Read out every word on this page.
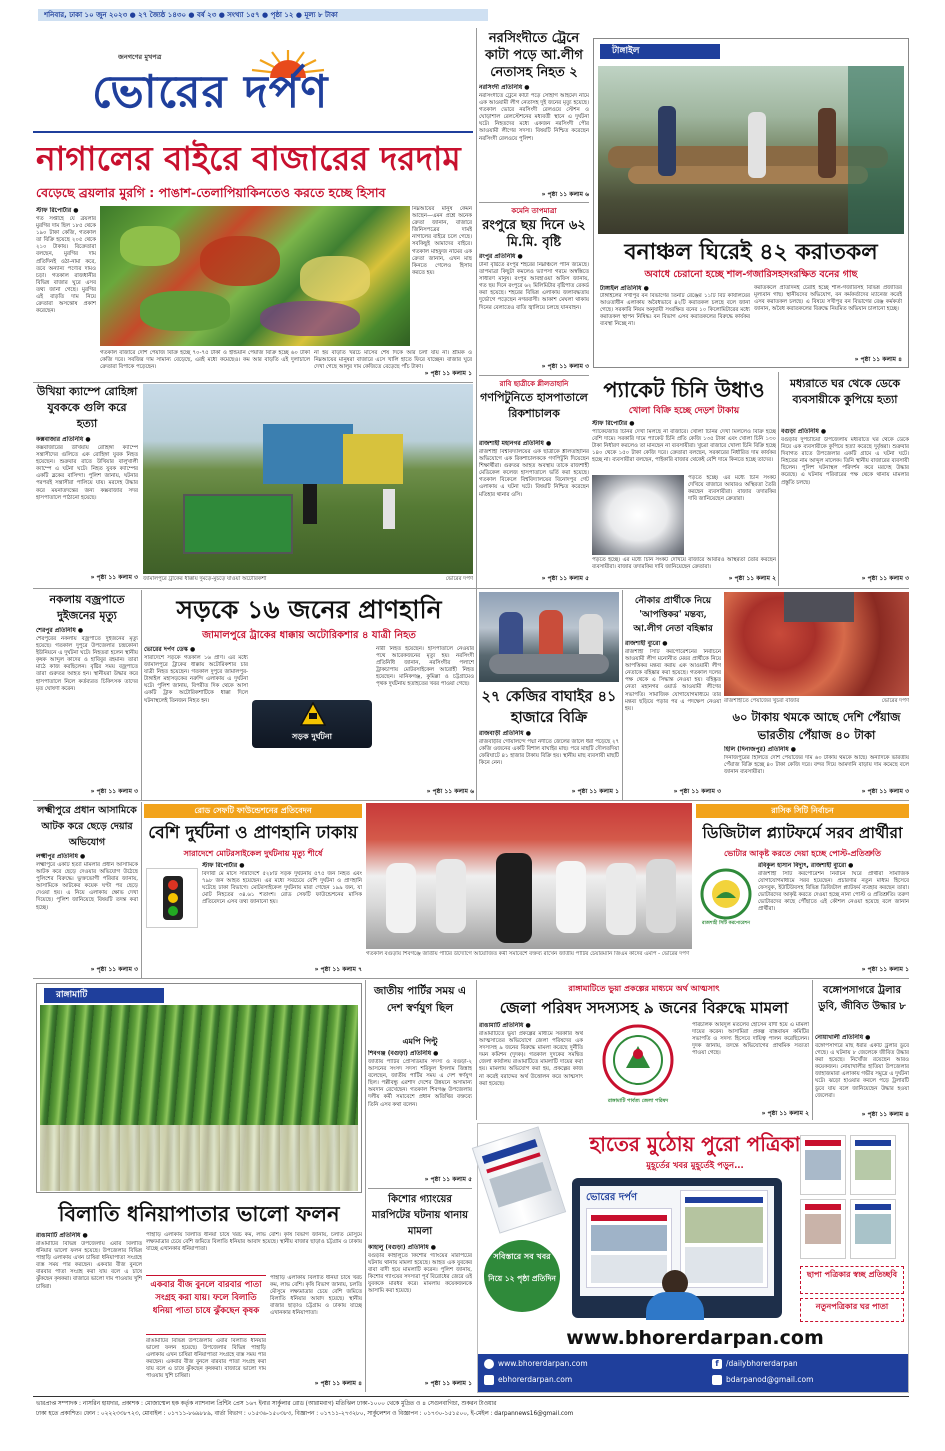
শনিবার, ঢাকা ১০ জুন ২০২৩ ● ২৭ জ্যৈষ্ঠ ১৪৩০ ● বর্ষ ২৩ ● সংখ্যা ১৫৭ ● পৃষ্ঠা ১২ ● মূল্য ৮ টাকা
জনগণের মুখপত্র
ভোরের দর্পণ
নাগালের বাইরে বাজারের দরদাম
বেড়েছে ব্রয়লার মুরগি : পাঙাশ-তেলাপিয়াকিনতেও করতে হচ্ছে হিসাব
স্টাফ রিপোর্টার ●
গত সপ্তাহে যে ব্রয়লার মুরগির দাম ছিল ১৮৫ থেকে ১৯০ টাকা কেজি, গতকাল তা বিক্রি হয়েছে ২০৫ থেকে ২১০ টাকায়। বিক্রেতারা বলছেন, মুরগির দাম প্রতিদিনই ওঠা-নামা করে, তবে অন্যান্য পণ্যের দামও চড়া। গতকাল রাজধানীর বিভিন্ন বাজার ঘুরে এসব তথ্য জানা গেছে। মুরগির এই বাড়তি দাম নিয়ে ক্রেতারা অসন্তোষ প্রকাশ করেছেন।
নিম্নআয়ের মানুষ কেমন আছেন—এমন প্রশ্নে অনেক ক্রেতা জানান, বাজারে জিনিসপত্রের দামই নাগালের বাইরে চলে গেছে। সবকিছুই আমাদের বাইরে। গতকাল মাহফুজ নামের এক ক্রেতা জানান, এখন মাছ কিনতে গেলেও হিসাব করতে হয়।
গতকাল বাজারে দেশি পেঁয়াজ বিক্রি হচ্ছে ৭০-৭৫ টাকা ও ইন্ডিয়ান পেঁয়াজ বিক্রি হচ্ছে ৬০ টাকা কেজি দরে। সবজির দাম সামান্য বেড়েছে, এরই মধ্যে কমেছেও। কম আর বাড়তি এই দুলাচালে ক্রেতারা বিপাকে পড়েছেন।
না হয় বাড়তি খরচে মাসের শেষ দিকে আর চলা যায় না। শ্রমিক ও নিম্নআয়ের মানুষরা বাজারে এসে খালি হাতে ফিরে যাচ্ছেন। বাজার ঘুরে দেখা গেছে আলুর দাম কেজিতে বেড়েছে পাঁচ টাকা।
» পৃষ্ঠা ১১ কলাম ১
নরসিংদীতে ট্রেনে কাটা পড়ে আ.লীগ নেতাসহ নিহত ২
নরসিংদী প্রতিনিধি ●
নরসিংদীতে ট্রেনে কাটা পড়ে সোহাগ আহমেদ নামে এক আওয়ামী লীগ নেতাসহ দুই জনের মৃত্যু হয়েছে। গতকাল ভোরে নরসিংদী রেলওয়ে স্টেশন ও ঘোড়াশাল রেলস্টেশনের মধ্যবর্তী স্থানে এ দুর্ঘটনা ঘটে। নিহতদের মধ্যে একজন নরসিংদী পৌর আওয়ামী লীগের সদস্য। বিষয়টি নিশ্চিত করেছেন নরসিংদী রেলওয়ে পুলিশ।
» পৃষ্ঠা ১১ কলাম ৬
কমেনি তাপমাত্রা
রংপুরে ছয় দিনে ৬২ মি.মি. বৃষ্টি
রংপুর প্রতিনিধি ●
টানা বৃষ্টিতে রংপুর শহরের নিম্নাঞ্চলে পানি জমেছে। তাপমাত্রা কিছুটা কমলেও ভ্যাপসা গরমে অস্বস্তিতে সাধারণ মানুষ। রংপুর আবহাওয়া অফিস জানায়, গত ছয় দিনে রংপুরে ৬২ মিলিমিটার বৃষ্টিপাত রেকর্ড করা হয়েছে। শহরের বিভিন্ন এলাকায় জলাবদ্ধতায় দুর্ভোগে পড়েছেন নগরবাসী। আকাশ মেঘলা থাকায় দিনের বেলাতেও বাতি জ্বালিয়ে চলছে যানবাহন।
» পৃষ্ঠা ১১ কলাম ৩
টাঙ্গাইল
বনাঞ্চল ঘিরেই ৪২ করাতকল
অবাধে চেরানো হচ্ছে শাল-গজারিসহসংরক্ষিত বনের গাছ
টাঙ্গাইল প্রতিনিধি ●
টাঙ্গাইলের সখীপুর বন বিভাগের তিনটি রেঞ্জের ১১টি বিট কার্যালয়ের আওতাধীন এলাকায় অবৈধভাবে ৪২টি করাতকল চলছে বলে জানা গেছে। সরকারি নিয়ম অনুযায়ী সংরক্ষিত বনের ১০ কিলোমিটারের মধ্যে করাতকল স্থাপন নিষিদ্ধ। বন বিভাগ এসব করাতকলের বিরুদ্ধে কার্যকর ব্যবস্থা নিচ্ছে না।
করাতকলে প্রতিদিনই চেরাই হচ্ছে শাল-গজারিসহ বিভিন্ন প্রজাতির মূল্যবান গাছ। স্থানীয়দের অভিযোগ, বন কর্মকর্তাদের ম্যানেজ করেই এসব করাতকল চলছে। এ বিষয়ে সখীপুর বন বিভাগের রেঞ্জ কর্মকর্তা জানান, অবৈধ করাতকলের বিরুদ্ধে নিয়মিত অভিযান চালানো হচ্ছে।
» পৃষ্ঠা ১১ কলাম ৪
উখিয়া ক্যাম্পে রোহিঙ্গা যুবককে গুলি করে হত্যা
কক্সবাজার প্রতিনিধি ●
কক্সবাজারের উখিয়ায় রোহিঙ্গা ক্যাম্পে সন্ত্রাসীদের গুলিতে এক রোহিঙ্গা যুবক নিহত হয়েছেন। শুক্রবার রাতে উখিয়ার বালুখালী ক্যাম্পে এ ঘটনা ঘটে। নিহত যুবক ক্যাম্পের একটি ব্লকের বাসিন্দা। পুলিশ জানায়, ঘটনার পরপরই সন্ত্রাসীরা পালিয়ে যায়। মরদেহ উদ্ধার করে ময়নাতদন্তের জন্য কক্সবাজার সদর হাসপাতালে পাঠানো হয়েছে।
» পৃষ্ঠা ১১ কলাম ৩ জামালপুরে ট্রাকের ধাক্কায় দুমড়ে-মুচড়ে যাওয়া অটোরিকশা	ভোরের দর্পণ
রাবি ছাত্রীকে শ্লীলতাহানি
গণপিটুনিতে হাসপাতালে রিকশাচালক
রাজশাহী মহানগর প্রতিনিধি ●
রাজশাহী বিশ্ববিদ্যালয়ের এক ছাত্রীকে শ্লীলতাহানির অভিযোগে এক রিকশাচালককে গণপিটুনি দিয়েছেন শিক্ষার্থীরা। গুরুতর আহত অবস্থায় তাকে রাজশাহী মেডিকেল কলেজ হাসপাতালে ভর্তি করা হয়েছে। গতকাল বিকেলে বিশ্ববিদ্যালয়ের বিনোদপুর গেট এলাকায় এ ঘটনা ঘটে। বিষয়টি নিশ্চিত করেছেন মতিহার থানার ওসি।
» পৃষ্ঠা ১১ কলাম ৫
প্যাকেট চিনি উধাও
খোলা বিক্রি হচ্ছে দেড়শ টাকায়
স্টাফ রিপোর্টার ●
প্যাকেটজাত চিনির দেখা মিলছে না বাজারে। খোলা চিনির দেখা মিললেও বিক্রি হচ্ছে বেশি দামে। সরকারি দামে প্যাকেট চিনি প্রতি কেজি ১৩৫ টাকা এবং খোলা চিনি ১৩০ টাকা নির্ধারণ করলেও তা মানছেন না ব্যবসায়ীরা। খুচরা বাজারে খোলা চিনি বিক্রি হচ্ছে ১৪০ থেকে ১৫০ টাকা কেজি দরে। ক্রেতারা বলছেন, সরকারের নির্ধারিত দাম কার্যকর হচ্ছে না। ব্যবসায়ীরা বলছেন, পাইকারি বাজার থেকেই বেশি দামে কিনতে হচ্ছে তাদের।
পড়তে হচ্ছে। এর মধ্যে চিনি সংকট দেখিয়ে বাজারে আবারও অস্থিরতা তৈরি করছেন ব্যবসায়ীরা। বাজার তদারকির দাবি জানিয়েছেন ক্রেতারা।
পড়তে হচ্ছে। এর মধ্যে চিনি সংকট দেখিয়ে বাজারে আবারও অস্থিরতা তৈরি করছেন ব্যবসায়ীরা। বাজার তদারকির দাবি জানিয়েছেন ক্রেতারা।
» পৃষ্ঠা ১১ কলাম ২
মধ্যরাতে ঘর থেকে ডেকে ব্যবসায়ীকে কুপিয়ে হত্যা
বগুড়া প্রতিনিধি ●
বগুড়ার দুপচাঁচিয়া উপজেলায় মধ্যরাতে ঘর থেকে ডেকে নিয়ে এক ব্যবসায়ীকে কুপিয়ে হত্যা করেছে দুর্বৃত্তরা। শুক্রবার দিবাগত রাতে উপজেলার একটি গ্রামে এ ঘটনা ঘটে। নিহতের নাম আব্দুল মালেক। তিনি স্থানীয় বাজারের ব্যবসায়ী ছিলেন। পুলিশ ঘটনাস্থল পরিদর্শন করে মরদেহ উদ্ধার করেছে। এ ঘটনায় পরিবারের পক্ষ থেকে থানায় মামলার প্রস্তুতি চলছে।
» পৃষ্ঠা ১১ কলাম ৩
নকলায় বজ্রপাতে দুইজনের মৃত্যু
শেরপুর প্রতিনিধি ●
শেরপুরের নকলায় বজ্রপাতে দুইজনের মৃত্যু হয়েছে। গতকাল দুপুরে উপজেলার চন্দ্রকোনা ইউনিয়নে এ দুর্ঘটনা ঘটে। নিহতরা হলেন স্থানীয় কৃষক আব্দুল কাদের ও হাবিবুর রহমান। তারা মাঠে কাজ করছিলেন। বৃষ্টির সময় বজ্রপাতে তারা গুরুতর আহত হন। স্থানীয়রা উদ্ধার করে হাসপাতালে নিলে কর্তব্যরত চিকিৎসক তাদের মৃত ঘোষণা করেন।
» পৃষ্ঠা ১১ কলাম ৩
সড়কে ১৬ জনের প্রাণহানি
জামালপুরে ট্রাকের ধাক্কায় অটোরিকশার ৪ যাত্রী নিহত
ভোরের দর্পণ ডেস্ক ●
সারাদেশে সড়কে গতকাল ১৬ প্রাণ। এর মধ্যে জামালপুরে ট্রাকের ধাক্কায় অটোরিকশার চার যাত্রী নিহত হয়েছেন। গতকাল দুপুরে জামালপুর-টাঙ্গাইল মহাসড়কের নরুন্দি এলাকায় এ দুর্ঘটনা ঘটে। পুলিশ জানায়, বিপরীত দিক থেকে আসা একটি ট্রাক অটোরিকশাটিকে ধাক্কা দিলে ঘটনাস্থলেই তিনজন নিহত হন।
সড়ক দুর্ঘটনা
নারী নিহত হয়েছেন। হাসপাতালে নেওয়ার পথে আরেকজনের মৃত্যু হয়। নরসিংদী প্রতিনিধি জানান, নরসিংদীর পলাশে ট্রাকচাপায় মোটরসাইকেল আরোহী নিহত হয়েছেন। মানিকগঞ্জ, কুমিল্লা ও চট্টগ্রামেও পৃথক দুর্ঘটনায় হতাহতের খবর পাওয়া গেছে।
» পৃষ্ঠা ১১ কলাম ৬
২৭ কেজির বাঘাইর ৪১ হাজারে বিক্রি
রাজবাড়ী প্রতিনিধি ●
রাজবাড়ীর গোয়ালন্দে পদ্মা নদীতে জেলের জালে ধরা পড়েছে ২৭ কেজি ওজনের একটি বিশাল বাঘাইর মাছ। পরে মাছটি দৌলতদিয়া ফেরিঘাটে ৪১ হাজার টাকায় বিক্রি হয়। স্থানীয় মাছ ব্যবসায়ী মাছটি কিনে নেন।
» পৃষ্ঠা ১১ কলাম ১
নৌকার প্রার্থীকে নিয়ে 'আপত্তিকর' মন্তব্য, আ.লীগ নেতা বহিষ্কার
রাজশাহী ব্যুরো ●
রাজশাহী সিটি করপোরেশনের নির্বাচনে আওয়ামী লীগ মনোনীত মেয়র প্রার্থীকে নিয়ে আপত্তিকর মন্তব্য করায় এক আওয়ামী লীগ নেতাকে বহিষ্কার করা হয়েছে। গতকাল দলের পক্ষ থেকে এ সিদ্ধান্ত নেওয়া হয়। বহিষ্কৃত নেতা মহানগর ওয়ার্ড আওয়ামী লীগের সভাপতি। সামাজিক যোগাযোগমাধ্যমে তার মন্তব্য ছড়িয়ে পড়ার পর এ পদক্ষেপ নেওয়া হয়।
» পৃষ্ঠা ১১ কলাম ৩
রাজশাহীতে পেঁয়াজের খুচরা বাজার	ভোরের দর্পণ
৬০ টাকায় থমকে আছে দেশি পেঁয়াজ ভারতীয় পেঁয়াজ ৪০ টাকা
হিলি (দিনাজপুর) প্রতিনিধি ●
দিনাজপুরের হিলিতে দেশি পেঁয়াজের দাম ৬০ টাকায় থমকে আছে। অন্যদিকে ভারতীয় পেঁয়াজ বিক্রি হচ্ছে ৪০ টাকা কেজি দরে। বন্দর দিয়ে আমদানি বাড়ায় দাম কমেছে বলে জানান ব্যবসায়ীরা।
» পৃষ্ঠা ১১ কলাম ৩
লক্ষ্মীপুরে প্রধান আসামিকে আটক করে ছেড়ে দেয়ার অভিযোগ
লক্ষ্মীপুর প্রতিনিধি ●
লক্ষ্মীপুরে একটি হত্যা মামলার প্রধান আসামিকে আটক করে ছেড়ে দেওয়ার অভিযোগ উঠেছে পুলিশের বিরুদ্ধে। ভুক্তভোগী পরিবার জানায়, আসামিকে আটকের কয়েক ঘণ্টা পর ছেড়ে দেওয়া হয়। এ নিয়ে এলাকায় ক্ষোভ দেখা দিয়েছে। পুলিশ জানিয়েছে বিষয়টি তদন্ত করা হচ্ছে।
» পৃষ্ঠা ১১ কলাম ৩
রোড সেফটি ফাউন্ডেশনের প্রতিবেদন
বেশি দুর্ঘটনা ও প্রাণহানি ঢাকায়
সারাদেশে মোটরসাইকেল দুর্ঘটনায় মৃত্যু শীর্ষে
স্টাফ রিপোর্টার ●
বিদায়ী মে মাসে সারাদেশে ৫২৮টি সড়ক দুর্ঘটনায় ৫৭৫ জন নিহত এবং ৭৯৮ জন আহত হয়েছেন। এর মধ্যে সবচেয়ে বেশি দুর্ঘটনা ও প্রাণহানি ঘটেছে ঢাকা বিভাগে। মোটরসাইকেল দুর্ঘটনায় মারা গেছেন ১৯৯ জন, যা মোট নিহতের ৩৪.৬১ শতাংশ। রোড সেফটি ফাউন্ডেশনের মাসিক প্রতিবেদনে এসব তথ্য জানানো হয়।
» পৃষ্ঠা ১১ কলাম ৭
গতকাল বগুড়ায় শিবগঞ্জে জাতীয় পার্টির উদ্যোগে আয়োজিত কর্মী সমাবেশে বক্তব্য রাখেন জাতীয় পার্টির চেয়ারম্যান জিএম কাদের এমপি - ভোরের দর্পণ
রাসিক সিটি নির্বাচন
ডিজিটাল প্ল্যাটফর্মে সরব প্রার্থীরা
ভোটার আকৃষ্ট করতে দেয়া হচ্ছে পোস্ট-প্রতিশ্রুতি
রাজশাহী সিটি করপোরেশন
রবিকুল হাসান বিদ্যুৎ, রাজশাহী ব্যুরো ●
রাজশাহী সিটি করপোরেশন নির্বাচন ঘিরে প্রার্থীরা সামাজিক যোগাযোগমাধ্যমে সরব হয়েছেন। প্রচারণার নতুন মাধ্যম হিসেবে ফেসবুক, ইউটিউবসহ বিভিন্ন ডিজিটাল প্ল্যাটফর্ম ব্যবহার করছেন তারা। ভোটারদের আকৃষ্ট করতে দেওয়া হচ্ছে নানা পোস্ট ও প্রতিশ্রুতি। তরুণ ভোটারদের কাছে পৌঁছাতে এই কৌশল নেওয়া হয়েছে বলে জানান প্রার্থীরা।
» পৃষ্ঠা ১১ কলাম ১
রাঙ্গামাটি
বিলাতি ধনিয়াপাতার ভালো ফলন
রাঙামাটি প্রতিনিধি ●
রাঙামাটির বিভিন্ন উপজেলায় এবার বিলাতি ধনিয়ার ভালো ফলন হয়েছে। উপজেলার বিভিন্ন পাহাড়ি এলাকায় এখন চাষিরা ধনিয়াপাতা সংগ্রহে ব্যস্ত সময় পার করছেন। একবার বীজ বুনলে বারবার পাতা সংগ্রহ করা যায় বলে এ চাষে ঝুঁকছেন কৃষকরা। বাজারে ভালো দাম পাওয়ায় খুশি চাষিরা।
পাহাড়ি এলাকায় বিলাতি ধনিয়া চাষে খরচ কম, লাভ বেশি। কৃষি বিভাগ জানায়, চলতি মৌসুমে লক্ষ্যমাত্রার চেয়ে বেশি জমিতে বিলাতি ধনিয়ার আবাদ হয়েছে। স্থানীয় বাজার ছাড়াও চট্টগ্রাম ও ঢাকায় যাচ্ছে এখানকার ধনিয়াপাতা।
একবার বীজ বুনলে বারবার পাতা সংগ্রহ করা যায়। ফলে বিলাতি ধনিয়া পাতা চাষে ঝুঁকছেন কৃষক
পাহাড়ি এলাকায় বিলাতি ধনিয়া চাষে খরচ কম, লাভ বেশি। কৃষি বিভাগ জানায়, চলতি মৌসুমে লক্ষ্যমাত্রার চেয়ে বেশি জমিতে বিলাতি ধনিয়ার আবাদ হয়েছে। স্থানীয় বাজার ছাড়াও চট্টগ্রাম ও ঢাকায় যাচ্ছে এখানকার ধনিয়াপাতা।
রাঙামাটির বিভিন্ন উপজেলায় এবার বিলাতি ধনিয়ার ভালো ফলন হয়েছে। উপজেলার বিভিন্ন পাহাড়ি এলাকায় এখন চাষিরা ধনিয়াপাতা সংগ্রহে ব্যস্ত সময় পার করছেন। একবার বীজ বুনলে বারবার পাতা সংগ্রহ করা যায় বলে এ চাষে ঝুঁকছেন কৃষকরা। বাজারে ভালো দাম পাওয়ায় খুশি চাষিরা।
» পৃষ্ঠা ১১ কলাম ৪
জাতীয় পার্টির সময় এ দেশ স্বর্ণযুগ ছিল
এমপি পিন্টু
শিবগঞ্জ (বগুড়া) প্রতিনিধি ●
জাতীয় পার্টির প্রেসিডিয়াম সদস্য ও বগুড়া-২ আসনের সংসদ সদস্য শরিফুল ইসলাম জিন্নাহ বলেছেন, জাতীয় পার্টির সময় এ দেশ স্বর্ণযুগ ছিল। পল্লীবন্ধু এরশাদ দেশের উন্নয়নে অসামান্য অবদান রেখেছেন। গতকাল শিবগঞ্জ উপজেলায় দলীয় কর্মী সমাবেশে প্রধান অতিথির বক্তব্যে তিনি এসব কথা বলেন।
» পৃষ্ঠা ১১ কলাম ৫
কিশোর গ্যাংয়ের মারপিটের ঘটনায় থানায় মামলা
কাহালু (বগুড়া) প্রতিনিধি ●
বগুড়ার কাহালুতে কিশোর গ্যাংয়ের মারপিটের ঘটনায় থানায় মামলা হয়েছে। আহত এক যুবকের বাবা বাদী হয়ে মামলাটি করেন। পুলিশ জানায়, কিশোর গ্যাংয়ের সদস্যরা পূর্ব বিরোধের জেরে ওই যুবককে মারধর করে। মামলায় কয়েকজনকে আসামি করা হয়েছে।
» পৃষ্ঠা ১১ কলাম ১
রাঙ্গামাটিতে ভুয়া প্রকল্পের মাধ্যমে অর্থ আত্মসাৎ
জেলা পরিষদ সদস্যসহ ৯ জনের বিরুদ্ধে মামলা
রাঙামাটি প্রতিনিধি ●
রাঙামাটিতে ভুয়া প্রকল্পের মাধ্যমে সরকারি অর্থ আত্মসাতের অভিযোগে জেলা পরিষদের এক সদস্যসহ ৯ জনের বিরুদ্ধে মামলা করেছে দুর্নীতি দমন কমিশন (দুদক)। গতকাল দুদকের সমন্বিত জেলা কার্যালয় রাঙামাটিতে মামলাটি দায়ের করা হয়। মামলায় অভিযোগ করা হয়, প্রকল্পের কাজ না করেই বরাদ্দের অর্থ উত্তোলন করে আত্মসাৎ করা হয়েছে।
রাঙ্গামাটি পার্বত্য জেলা পরিষদ
পরিচালক আবদুল মতলেব হোসেন বাদী হয়ে এ মামলা দায়ের করেন। আসামিরা প্রকল্প বাস্তবায়ন কমিটির সভাপতি ও সদস্য হিসেবে দায়িত্ব পালন করেছিলেন। দুদক জানায়, তদন্তে অভিযোগের প্রাথমিক সত্যতা পাওয়া গেছে।
» পৃষ্ঠা ১১ কলাম ২
বঙ্গোপসাগরে ট্রলার ডুবি, জীবিত উদ্ধার ৮
নোয়াখালী প্রতিনিধি ●
বঙ্গোপসাগরে মাছ ধরার একটি ট্রলার ডুবে গেছে। এ ঘটনায় ৮ জেলেকে জীবিত উদ্ধার করা হয়েছে। নিখোঁজ রয়েছেন আরও কয়েকজন। নোয়াখালীর হাতিয়া উপজেলার জাহাজমারা এলাকায় গভীর সমুদ্রে এ দুর্ঘটনা ঘটে। ঝড়ো হাওয়ার কবলে পড়ে ট্রলারটি ডুবে যায় বলে জানিয়েছেন উদ্ধার হওয়া জেলেরা।
» পৃষ্ঠা ১১ কলাম ৪
হাতের মুঠোয় পুরো পত্রিকা
মুহূর্তের খবর মুহূর্তেই পড়ুন...
সবিস্তারে সব খবর
নিয়ে ১২ পৃষ্ঠা প্রতিদিন
ভোরের দর্পণ
ছাপা পত্রিকার স্বচ্ছ প্রতিচ্ছবি
নতুনপত্রিকার ঘর পাতা
www.bhorerdarpan.com
www.bhorerdarpan.com
ebhorerdarpan.com
f /dailybhorerdarpan
bdarpanod@gmail.com
ভারপ্রাপ্ত সম্পাদক : নাসরিন হায়দার, প্রকাশক : মোজাম্মেল হক কর্তৃক ন্যাশনাল প্রিন্টিং প্রেস ১৬৭ ইনার সার্কুলার রোড (আরামবাগ) মতিঝিল ঢাকা-১০০০ থেকে মুদ্রিত ও ৪ সেগুনবাগিচা, শুকরন টাওয়ার
ঢাকা হতে প্রকাশিত। ফোন : ০২২২৩৩৮৭২৩, মোবাইল : ০১৭১১-৮৬৯৮৮৯, বার্তা বিভাগ : ০১৫৩৬-১৫০৩৮৩, বিজ্ঞাপন : ০১৭১১-২৭৩২৮০, সার্কুলেশন ও বিজ্ঞাপন : ০১৭৩০-১৫১৫০০, ই-মেইল : darpannews16@gmail.com
